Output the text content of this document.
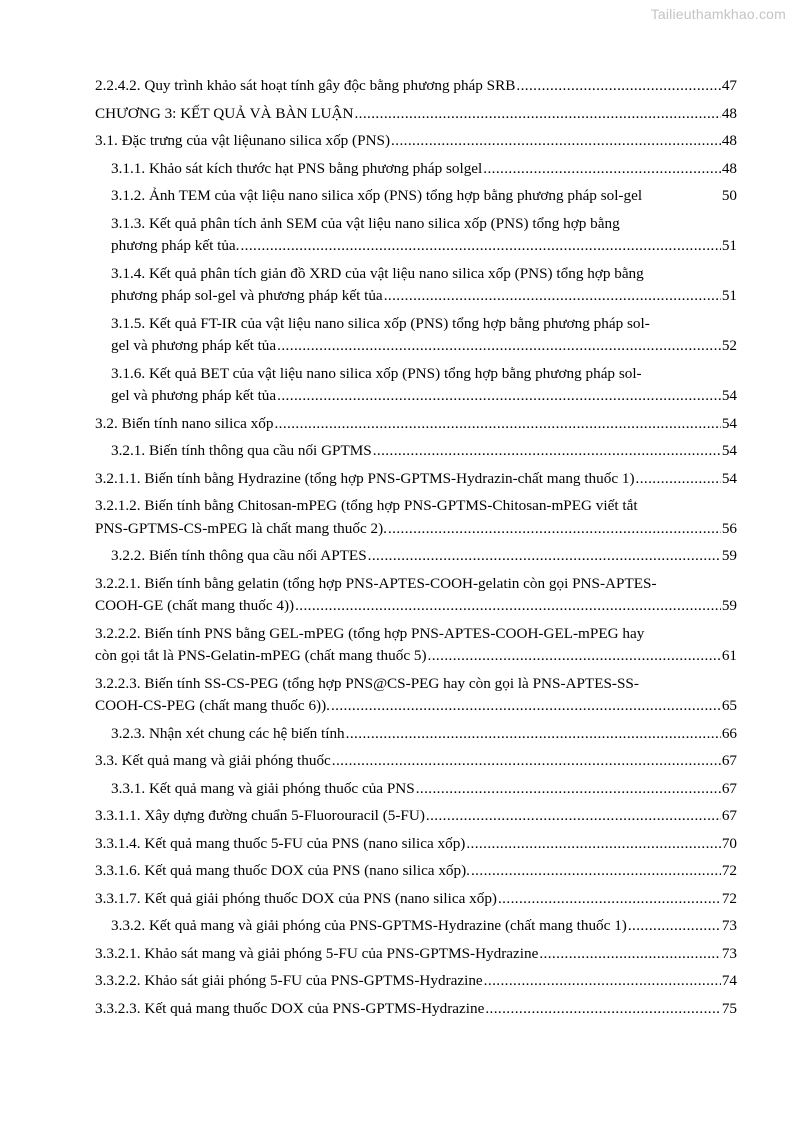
Tailieuthamkhao.com
2.2.4.2. Quy trình khảo sát hoạt tính gây độc bằng phương pháp SRB .....	47
CHƯƠNG 3: KẾT QUẢ VÀ BÀN LUẬN .....	48
3.1. Đặc trưng của vật liệunano silica xốp (PNS) .....	48
3.1.1. Khảo sát kích thước hạt PNS bằng phương pháp solgel .....	48
3.1.2. Ảnh TEM của vật liệu nano silica xốp (PNS) tổng hợp bằng phương pháp sol-gel	50
3.1.3. Kết quả phân tích ảnh SEM của vật liệu nano silica xốp (PNS) tổng hợp bằng
phương pháp kết tủa. .....	51
3.1.4. Kết quả phân tích giản đồ XRD của vật liệu nano silica xốp (PNS) tổng hợp bằng
phương pháp sol-gel và phương pháp kết tủa .....	51
3.1.5. Kết quả FT-IR của vật liệu nano silica xốp (PNS) tổng hợp bằng phương pháp sol-
gel và phương pháp kết tủa .....	52
3.1.6. Kết quả BET của vật liệu nano silica xốp (PNS) tổng hợp bằng phương pháp sol-
gel và phương pháp kết tủa .....	54
3.2. Biến tính nano silica xốp .....	54
3.2.1. Biến tính thông qua cầu nối GPTMS .....	54
3.2.1.1. Biến tính bằng Hydrazine (tổng hợp PNS-GPTMS-Hydrazin-chất mang thuốc 1) .....	54
3.2.1.2. Biến tính bằng Chitosan-mPEG (tổng hợp PNS-GPTMS-Chitosan-mPEG viết tắt
PNS-GPTMS-CS-mPEG là chất mang thuốc 2). .....	56
3.2.2. Biến tính thông qua cầu nối APTES .....	59
3.2.2.1. Biến tính bằng gelatin (tổng hợp PNS-APTES-COOH-gelatin còn gọi PNS-APTES-
COOH-GE (chất mang thuốc 4)) .....	59
3.2.2.2. Biến tính PNS bằng GEL-mPEG (tổng hợp PNS-APTES-COOH-GEL-mPEG hay
còn gọi tắt là PNS-Gelatin-mPEG (chất mang thuốc 5) .....	61
3.2.2.3. Biến tính SS-CS-PEG (tổng hợp PNS@CS-PEG hay còn gọi là PNS-APTES-SS-
COOH-CS-PEG (chất mang thuốc 6)). .....	65
3.2.3. Nhận xét chung các hệ biến tính .....	66
3.3. Kết quả mang và giải phóng thuốc .....	67
3.3.1. Kết quả mang và giải phóng thuốc của PNS .....	67
3.3.1.1. Xây dựng đường chuẩn 5-Fluorouracil (5-FU) .....	67
3.3.1.4. Kết quả mang thuốc 5-FU của PNS (nano silica xốp) .....	70
3.3.1.6. Kết quả mang thuốc DOX của PNS (nano silica xốp). .....	72
3.3.1.7. Kết quả giải phóng thuốc DOX của PNS (nano silica xốp) .....	72
3.3.2. Kết quả mang và giải phóng của PNS-GPTMS-Hydrazine (chất mang thuốc 1) .....	73
3.3.2.1. Khảo sát mang và giải phóng 5-FU của PNS-GPTMS-Hydrazine .....	73
3.3.2.2. Khảo sát giải phóng 5-FU của PNS-GPTMS-Hydrazine .....	74
3.3.2.3. Kết quả mang thuốc DOX của PNS-GPTMS-Hydrazine .....	75
